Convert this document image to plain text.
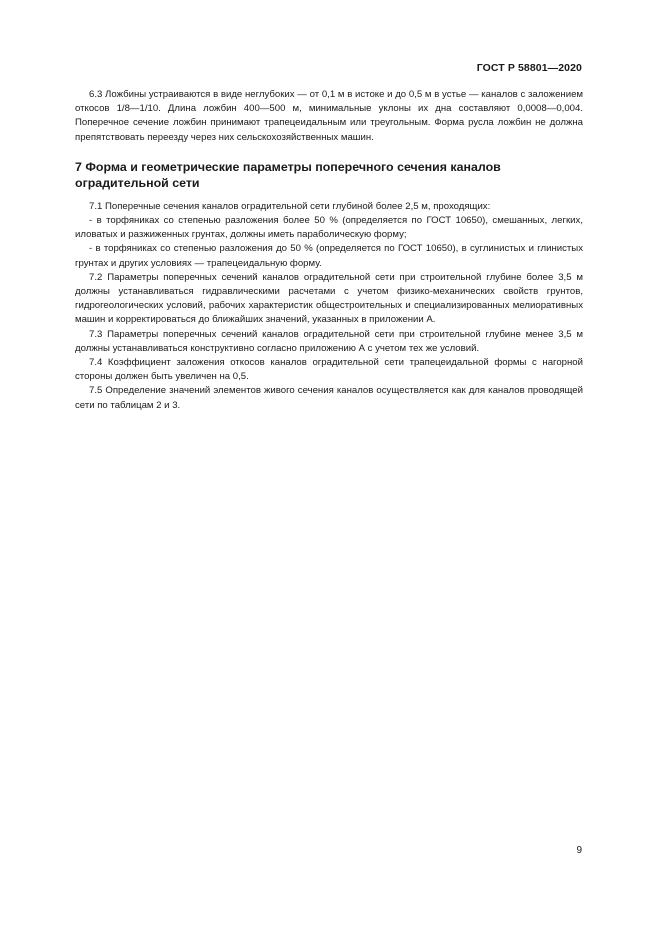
ГОСТ Р 58801—2020

6.3 Ложбины устраиваются в виде неглубоких — от 0,1 м в истоке и до 0,5 м в устье — каналов с заложением откосов 1/8—1/10. Длина ложбин 400—500 м, минимальные уклоны их дна составляют 0,0008—0,004. Поперечное сечение ложбин принимают трапецеидальным или треугольным. Форма русла ложбин не должна препятствовать переезду через них сельскохозяйственных машин.

7 Форма и геометрические параметры поперечного сечения каналов оградительной сети

7.1 Поперечные сечения каналов оградительной сети глубиной более 2,5 м, проходящих:

- в торфяниках со степенью разложения более 50 % (определяется по ГОСТ 10650), смешанных, легких, иловатых и разжиженных грунтах, должны иметь параболическую форму;

- в торфяниках со степенью разложения до 50 % (определяется по ГОСТ 10650), в суглинистых и глинистых грунтах и других условиях — трапецеидальную форму.

7.2 Параметры поперечных сечений каналов оградительной сети при строительной глубине более 3,5 м должны устанавливаться гидравлическими расчетами с учетом физико-механических свойств грунтов, гидрогеологических условий, рабочих характеристик общестроительных и специализированных мелиоративных машин и корректироваться до ближайших значений, указанных в приложении А.

7.3 Параметры поперечных сечений каналов оградительной сети при строительной глубине менее 3,5 м должны устанавливаться конструктивно согласно приложению А с учетом тех же условий.

7.4 Коэффициент заложения откосов каналов оградительной сети трапецеидальной формы с нагорной стороны должен быть увеличен на 0,5.

7.5 Определение значений элементов живого сечения каналов осуществляется как для каналов проводящей сети по таблицам 2 и 3.

9
